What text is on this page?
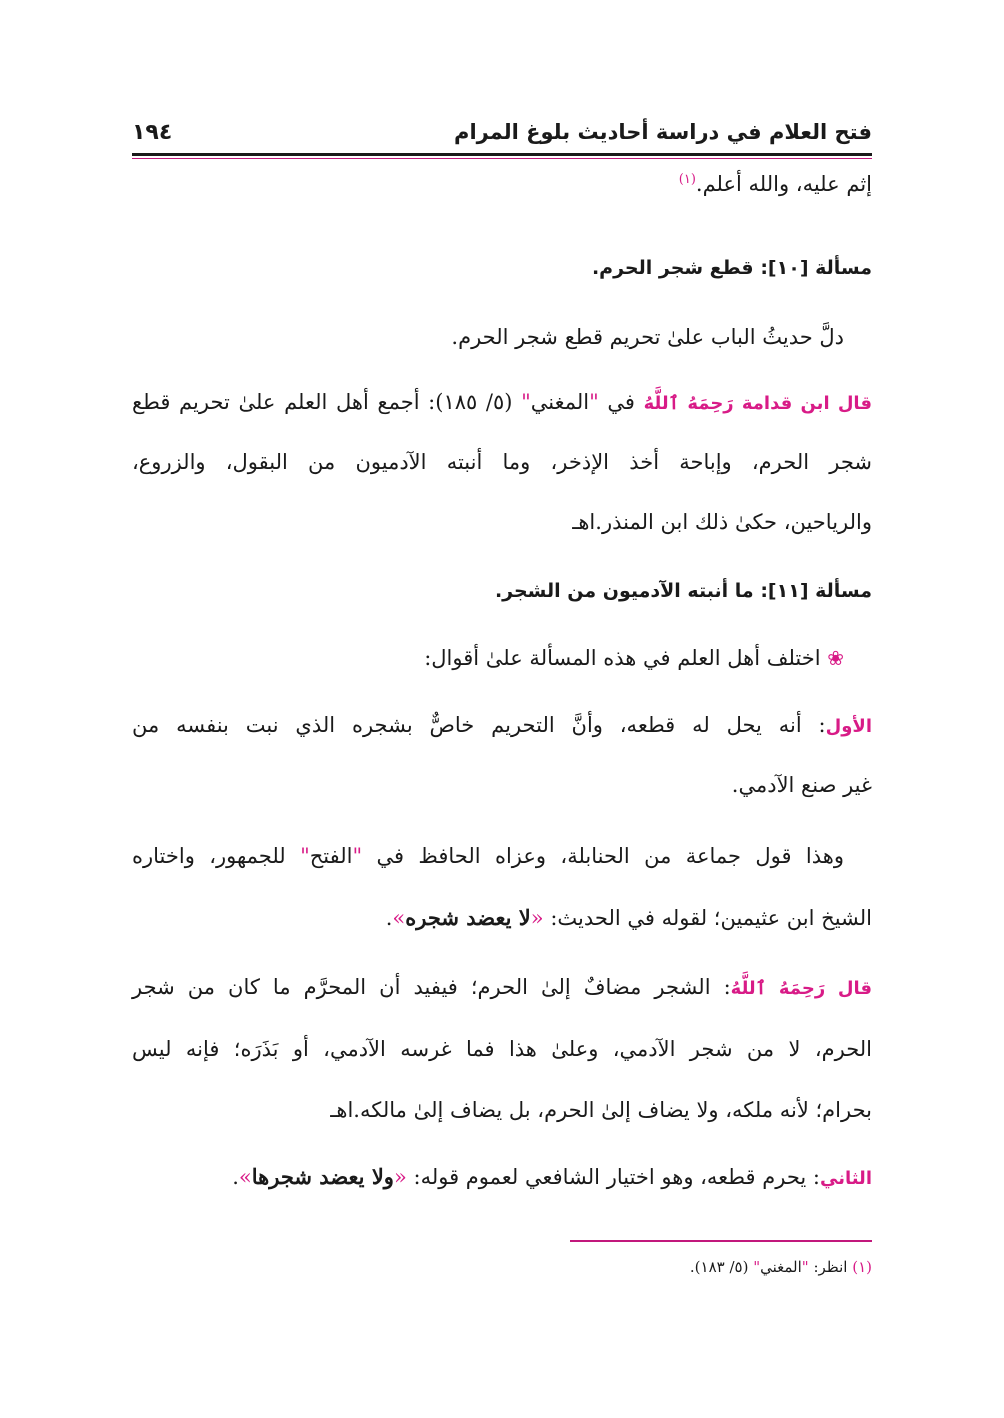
فتح العلام في دراسة أحاديث بلوغ المرام
١٩٤
إثم عليه، والله أعلم.$^{(١)}$
مسألة [١٠]: قطع شجر الحرم.
دلَّ حديثُ الباب علىٰ تحريم قطع شجر الحرم.
قال ابن قدامة رَحِمَهُ ٱللَّهُ في "المغني" (٥/ ١٨٥): أجمع أهل العلم علىٰ تحريم قطع
شجر الحرم، وإباحة أخذ الإذخر، وما أنبته الآدميون من البقول، والزروع،
والرياحين، حكىٰ ذلك ابن المنذر.اهـ
مسألة [١١]: ما أنبته الآدميون من الشجر.
❀ اختلف أهل العلم في هذه المسألة علىٰ أقوال:
الأول: أنه يحل له قطعه، وأنَّ التحريم خاصٌّ بشجره الذي نبت بنفسه من
غير صنع الآدمي.
وهذا قول جماعة من الحنابلة، وعزاه الحافظ في "الفتح" للجمهور، واختاره
الشيخ ابن عثيمين؛ لقوله في الحديث: «لا يعضد شجره».
قال رَحِمَهُ ٱللَّهُ: الشجر مضافٌ إلىٰ الحرم؛ فيفيد أن المحرَّم ما كان من شجر
الحرم، لا من شجر الآدمي، وعلىٰ هذا فما غرسه الآدمي، أو بَذَرَه؛ فإنه ليس
بحرام؛ لأنه ملكه، ولا يضاف إلىٰ الحرم، بل يضاف إلىٰ مالكه.اهـ
الثاني: يحرم قطعه، وهو اختيار الشافعي لعموم قوله: «ولا يعضد شجرها».
(١) انظر: "المغني" (٥/ ١٨٣).
